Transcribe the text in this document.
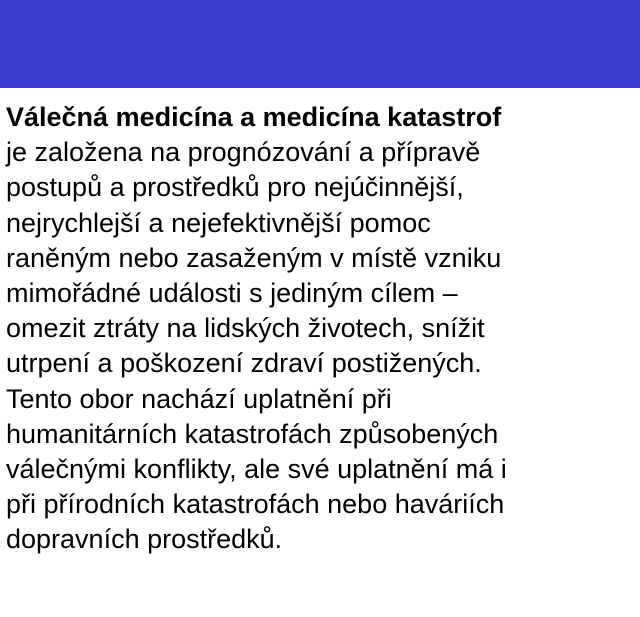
Válečná medicína a medicína katastrof
je založena na prognózování a přípravě
postupů a prostředků pro nejúčinnější,
nejrychlejší a nejefektivnější pomoc
raněným nebo zasaženým v místě vzniku
mimořádné události s jediným cílem –
omezit ztráty na lidských životech, snížit
utrpení a poškození zdraví postižených.
Tento obor nachází uplatnění při
humanitárních katastrofách způsobených
válečnými konflikty, ale své uplatnění má i
při přírodních katastrofách nebo haváriích
dopravních prostředků.
